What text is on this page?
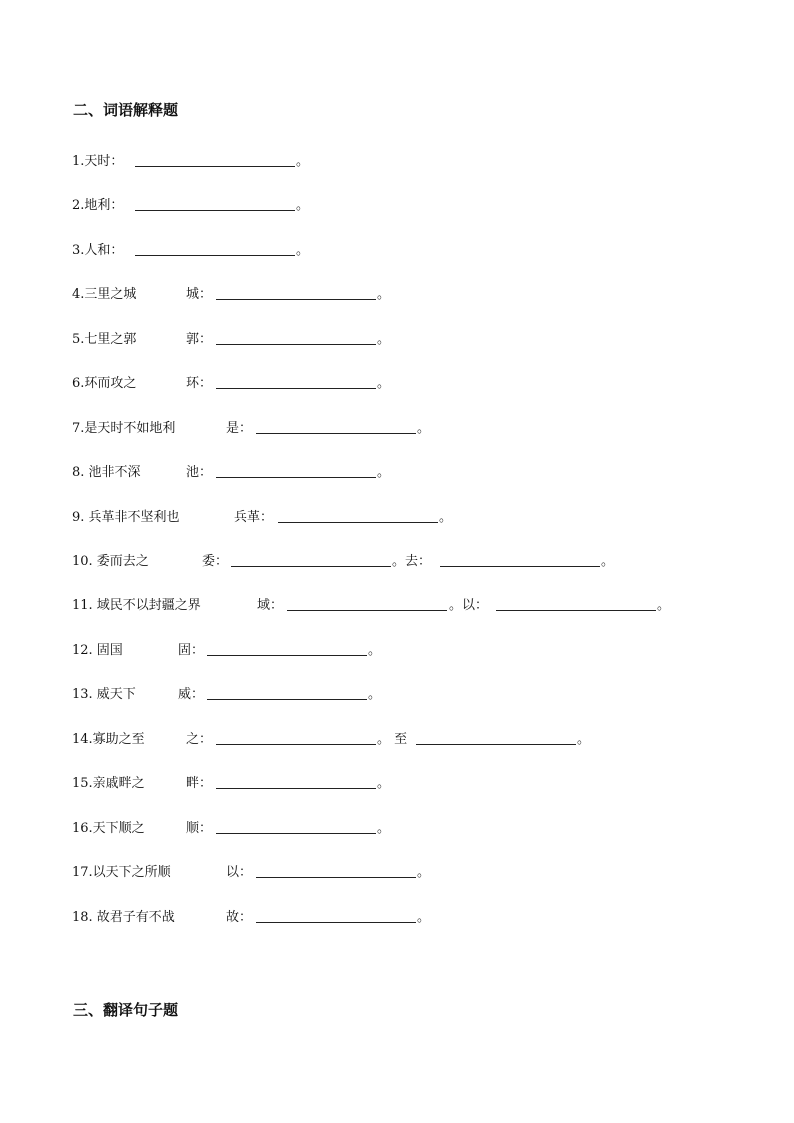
二、词语解释题
1.天时：	。
2.地利：	。
3.人和：	。
4.三里之城	城：	。
5.七里之郭	郭：	。
6.环而攻之	环：	。
7.是天时不如地利	是：	。
8. 池非不深	池：	。
9. 兵革非不坚利也	兵革：	。
10. 委而去之	委：	。去：	。
11. 域民不以封疆之界	域：	。以：	。
12. 固国	固：	。
13. 威天下	威：	。
14.寡助之至	之：	。 至	。
15.亲戚畔之	畔：	。
16.天下顺之	顺：	。
17.以天下之所顺	以：	。
18. 故君子有不战	故：	。
三、翻译句子题
